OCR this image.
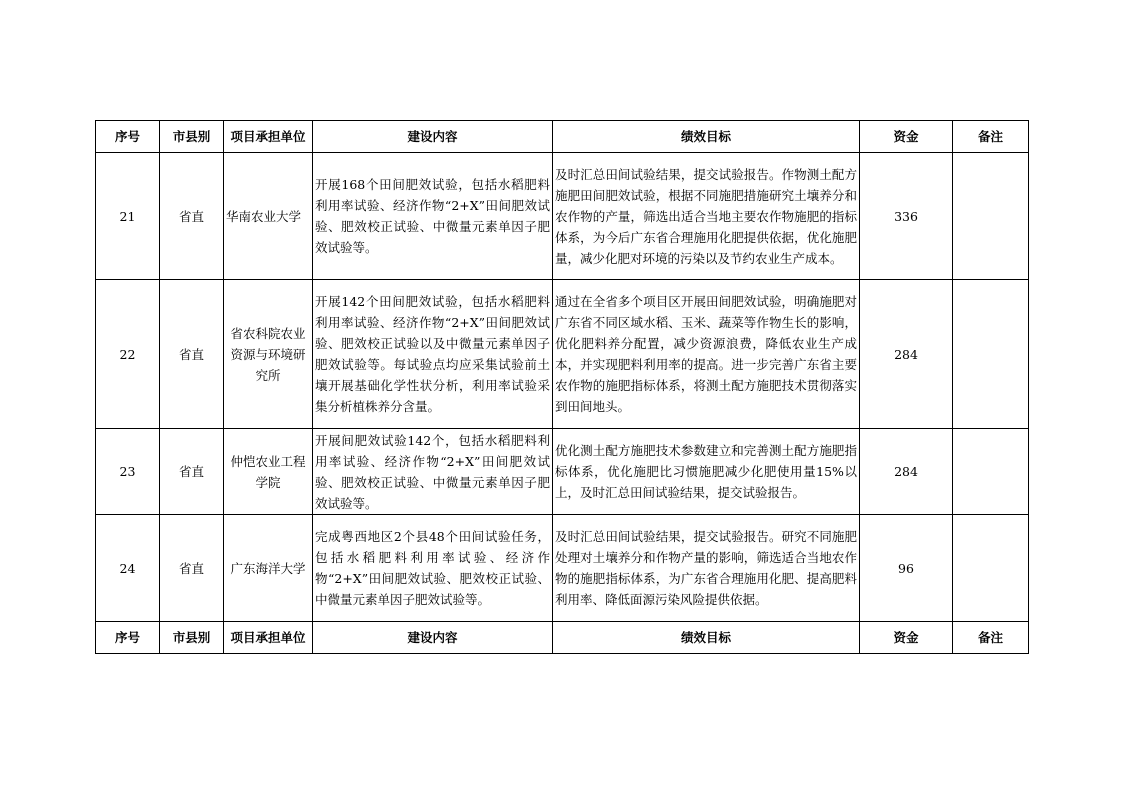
序号	市县别	项目承担单位	建设内容	绩效目标	资金	备注
21	省直	华南农业大学	开展168个田间肥效试验，包括水稻肥料利用率试验、经济作物“2+X”田间肥效试验、肥效校正试验、中微量元素单因子肥效试验等。	及时汇总田间试验结果，提交试验报告。作物测土配方施肥田间肥效试验，根据不同施肥措施研究土壤养分和农作物的产量，筛选出适合当地主要农作物施肥的指标体系，为今后广东省合理施用化肥提供依据，优化施肥量，减少化肥对环境的污染以及节约农业生产成本。	336	
22	省直	省农科院农业资源与环境研究所	开展142个田间肥效试验，包括水稻肥料利用率试验、经济作物“2+X”田间肥效试验、肥效校正试验以及中微量元素单因子肥效试验等。每试验点均应采集试验前土壤开展基础化学性状分析，利用率试验采集分析植株养分含量。	通过在全省多个项目区开展田间肥效试验，明确施肥对广东省不同区域水稻、玉米、蔬菜等作物生长的影响，优化肥料养分配置，减少资源浪费，降低农业生产成本，并实现肥料利用率的提高。进一步完善广东省主要农作物的施肥指标体系，将测土配方施肥技术贯彻落实到田间地头。	284	
23	省直	仲恺农业工程学院	开展间肥效试验142个，包括水稻肥料利用率试验、经济作物“2+X”田间肥效试验、肥效校正试验、中微量元素单因子肥效试验等。	优化测土配方施肥技术参数建立和完善测土配方施肥指标体系，优化施肥比习惯施肥减少化肥使用量15%以上，及时汇总田间试验结果，提交试验报告。	284	
24	省直	广东海洋大学	完成粤西地区2个县48个田间试验任务，包括水稻肥料利用率试验、经济作物“2+X”田间肥效试验、肥效校正试验、中微量元素单因子肥效试验等。	及时汇总田间试验结果，提交试验报告。研究不同施肥处理对土壤养分和作物产量的影响，筛选适合当地农作物的施肥指标体系，为广东省合理施用化肥、提高肥料利用率、降低面源污染风险提供依据。	96	
序号	市县别	项目承担单位	建设内容	绩效目标	资金	备注
